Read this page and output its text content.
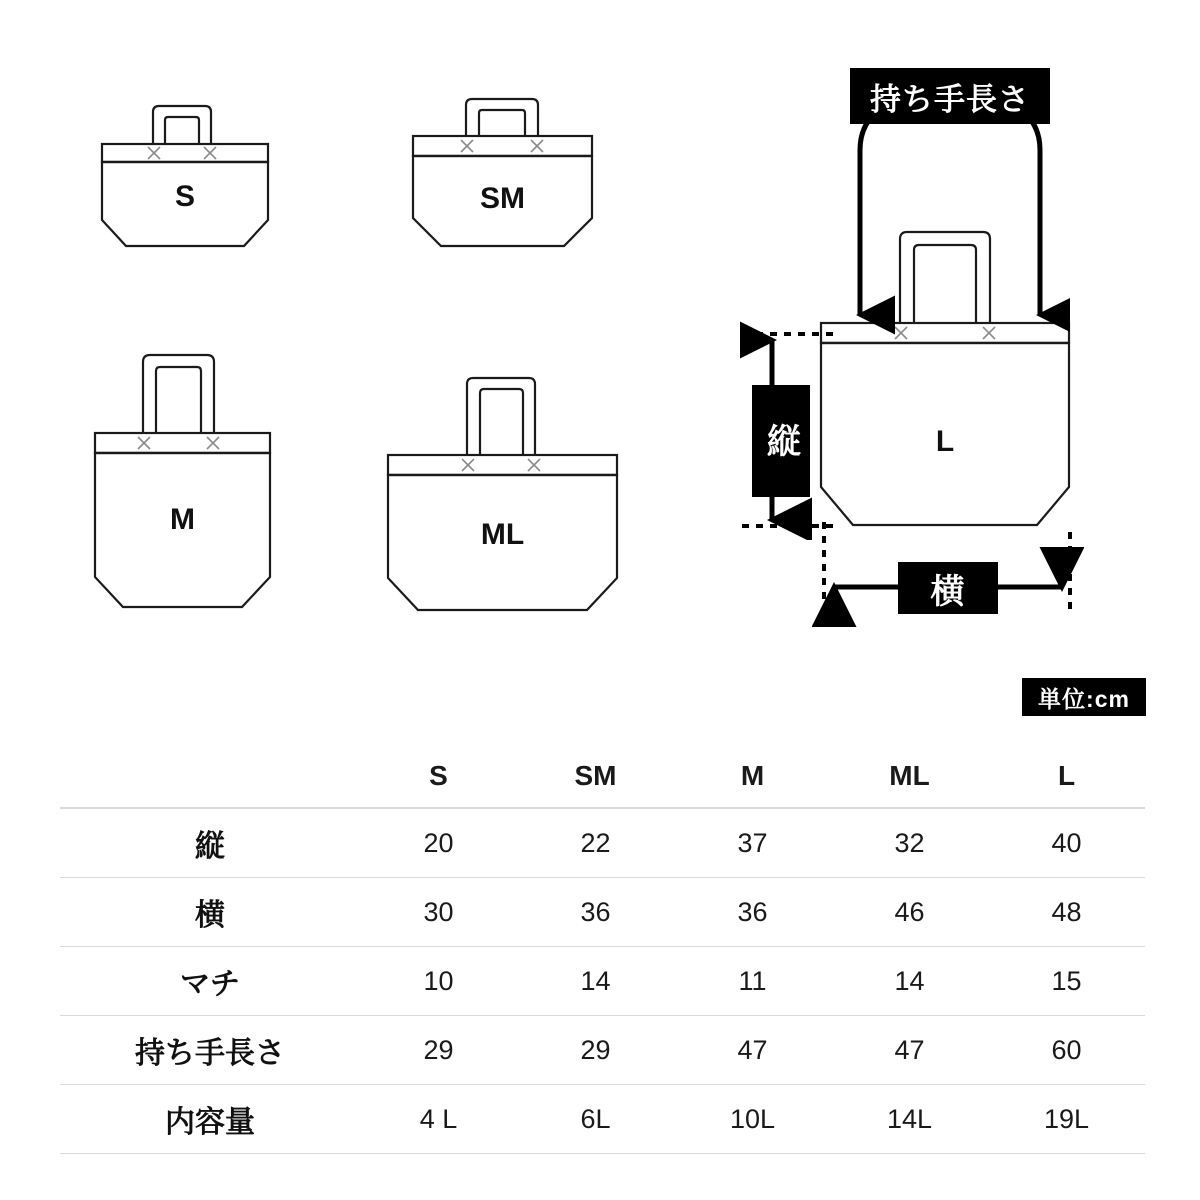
S	SM
M	ML
L
持ち手長さ
縦
横
単位:cm
	S	SM	M	ML	L
縦	20	22	37	32	40
横	30	36	36	46	48
マチ	10	14	11	14	15
持ち手長さ	29	29	47	47	60
内容量	4 L	6L	10L	14L	19L
